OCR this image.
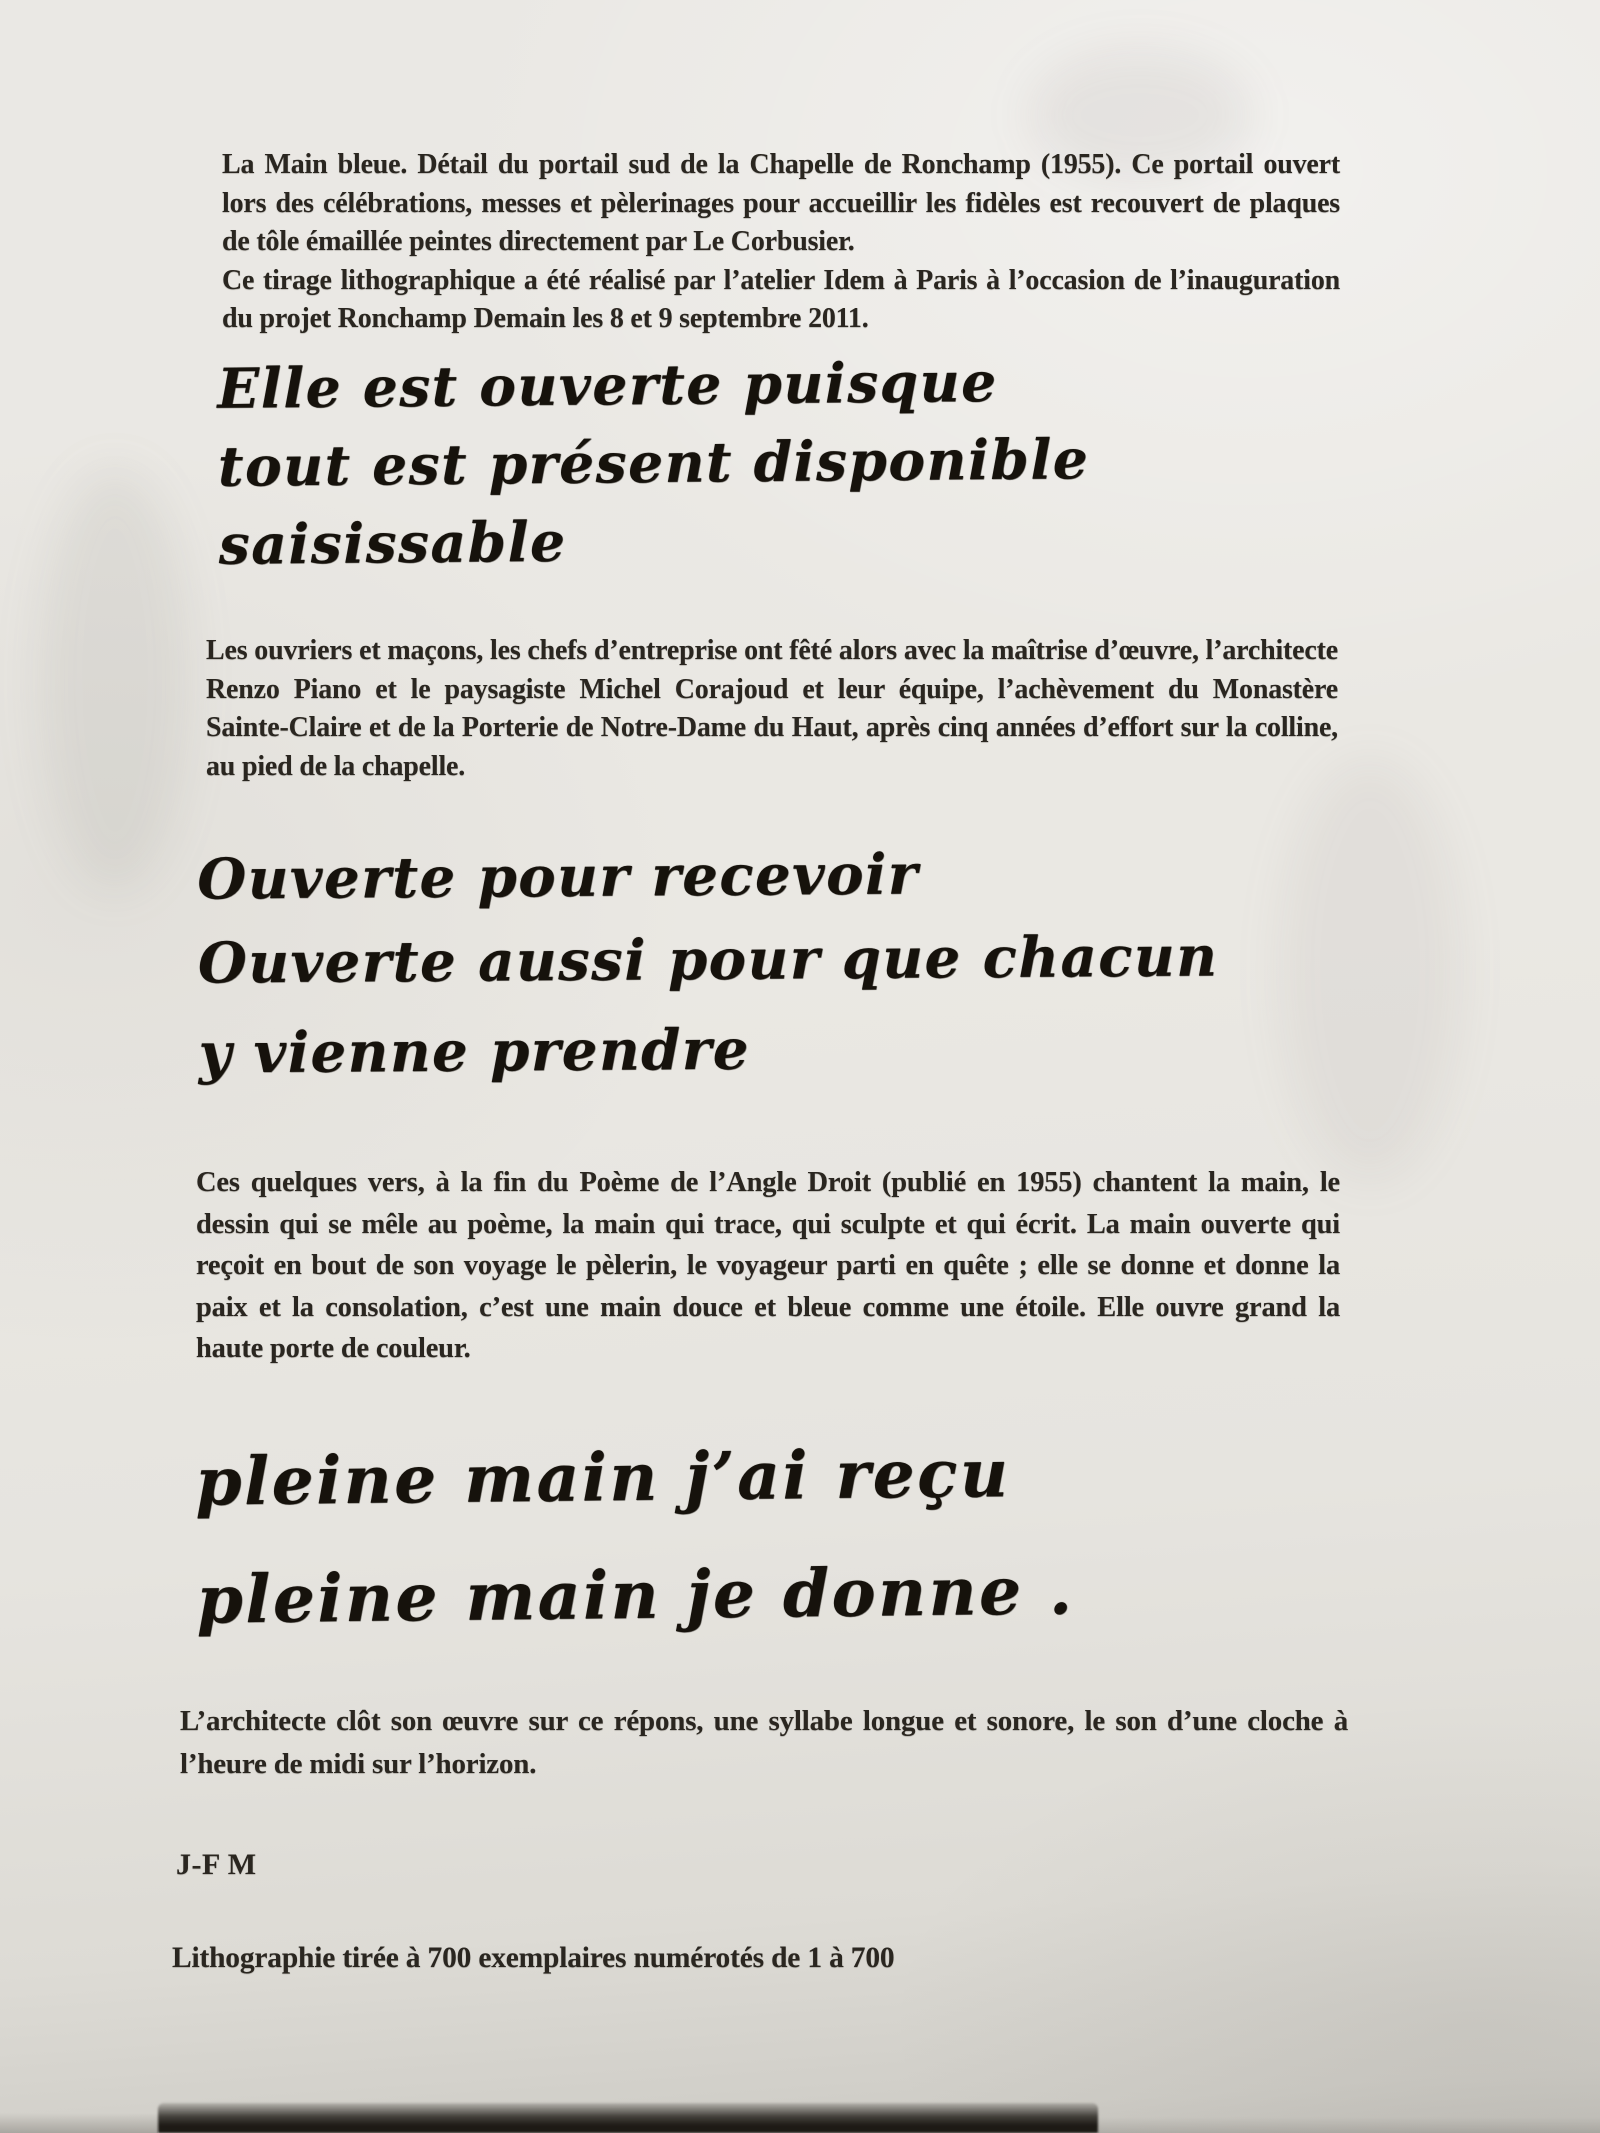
La Main bleue. Détail du portail sud de la Chapelle de Ronchamp (1955). Ce portail ouvert lors des célébrations, messes et pèlerinages pour accueillir les fidèles est recouvert de plaques de tôle émaillée peintes directement par Le Corbusier.

Ce tirage lithographique a été réalisé par l’atelier Idem à Paris à l’occasion de l’inauguration du projet Ronchamp Demain les 8 et 9 septembre 2011.

Elle est ouverte puisque
tout est présent disponible
saisissable

Les ouvriers et maçons, les chefs d’entreprise ont fêté alors avec la maîtrise d’œuvre, l’architecte Renzo Piano et le paysagiste Michel Corajoud et leur équipe, l’achèvement du Monastère Sainte-Claire et de la Porterie de Notre-Dame du Haut, après cinq années d’effort sur la colline, au pied de la chapelle.

Ouverte pour recevoir
Ouverte aussi pour que chacun
y vienne prendre

Ces quelques vers, à la fin du Poème de l’Angle Droit (publié en 1955) chantent la main, le dessin qui se mêle au poème, la main qui trace, qui sculpte et qui écrit. La main ouverte qui reçoit en bout de son voyage le pèlerin, le voyageur parti en quête ; elle se donne et donne la paix et la consolation, c’est une main douce et bleue comme une étoile. Elle ouvre grand la haute porte de couleur.

pleine main j’ai reçu
pleine main je donne .

L’architecte clôt son œuvre sur ce répons, une syllabe longue et sonore, le son d’une cloche à l’heure de midi sur l’horizon.

J-F M
Lithographie tirée à 700 exemplaires numérotés de 1 à 700
